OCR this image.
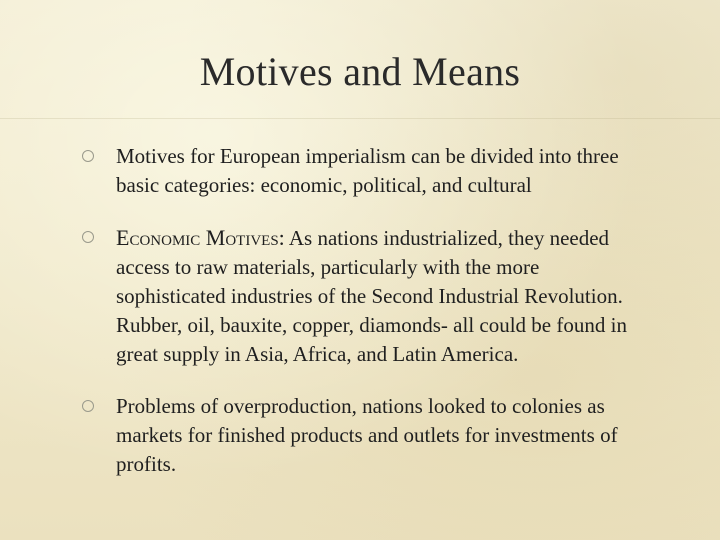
Motives and Means
Motives for European imperialism can be divided into three basic categories: economic, political, and cultural
Economic Motives: As nations industrialized, they needed access to raw materials, particularly with the more sophisticated industries of the Second Industrial Revolution. Rubber, oil, bauxite, copper, diamonds- all could be found in great supply in Asia, Africa, and Latin America.
Problems of overproduction, nations looked to colonies as markets for finished products and outlets for investments of profits.
